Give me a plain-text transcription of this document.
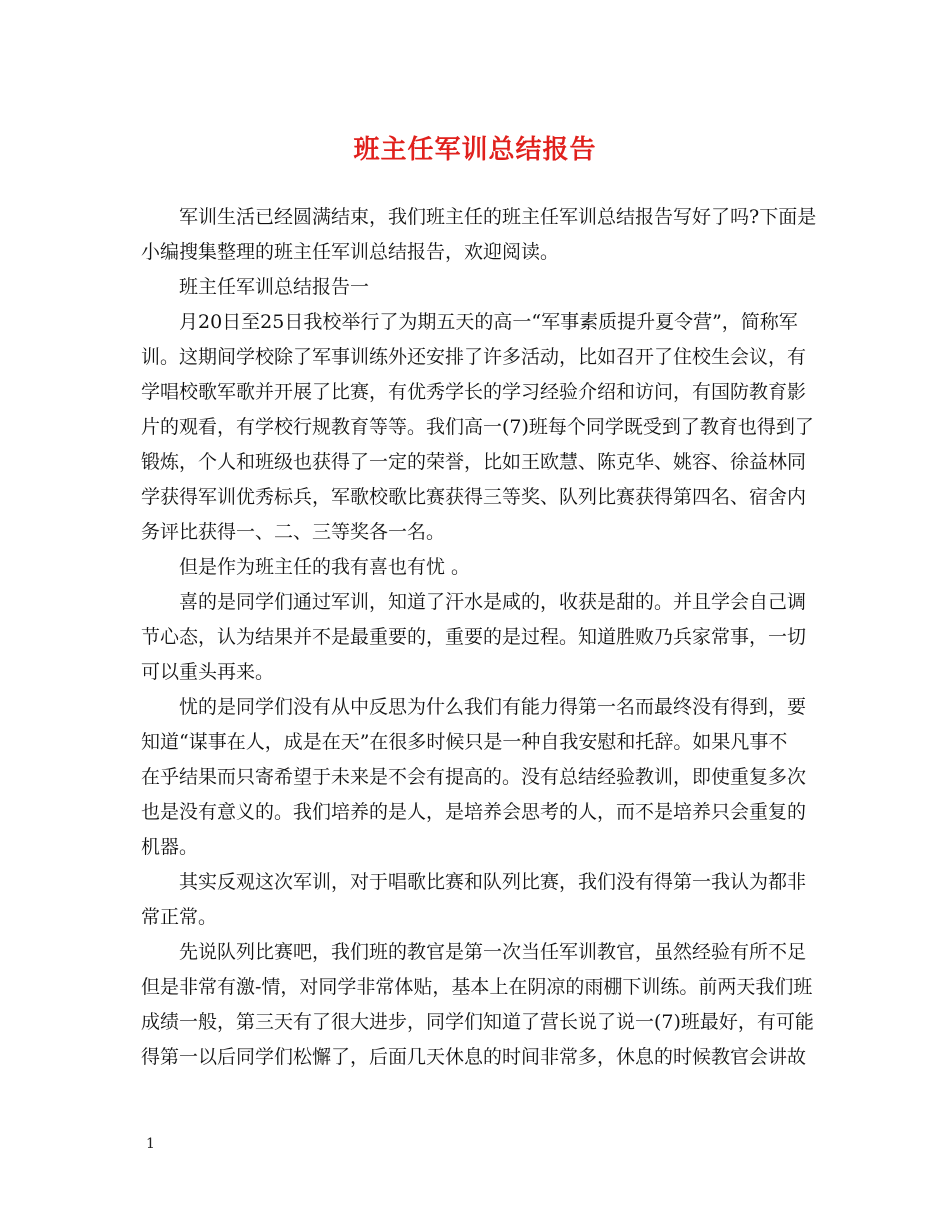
班主任军训总结报告
军训生活已经圆满结束，我们班主任的班主任军训总结报告写好了吗?下面是
小编搜集整理的班主任军训总结报告，欢迎阅读。
班主任军训总结报告一
月20日至25日我校举行了为期五天的高一“军事素质提升夏令营”，简称军
训。这期间学校除了军事训练外还安排了许多活动，比如召开了住校生会议，有
学唱校歌军歌并开展了比赛，有优秀学长的学习经验介绍和访问，有国防教育影
片的观看，有学校行规教育等等。我们高一(7)班每个同学既受到了教育也得到了
锻炼，个人和班级也获得了一定的荣誉，比如王欧慧、陈克华、姚容、徐益林同
学获得军训优秀标兵，军歌校歌比赛获得三等奖、队列比赛获得第四名、宿舍内
务评比获得一、二、三等奖各一名。
但是作为班主任的我有喜也有忧 。
喜的是同学们通过军训，知道了汗水是咸的，收获是甜的。并且学会自己调
节心态，认为结果并不是最重要的，重要的是过程。知道胜败乃兵家常事，一切
可以重头再来。
忧的是同学们没有从中反思为什么我们有能力得第一名而最终没有得到，要
知道“谋事在人，成是在天”在很多时候只是一种自我安慰和托辞。如果凡事不
在乎结果而只寄希望于未来是不会有提高的。没有总结经验教训，即使重复多次
也是没有意义的。我们培养的是人，是培养会思考的人，而不是培养只会重复的
机器。
其实反观这次军训，对于唱歌比赛和队列比赛，我们没有得第一我认为都非
常正常。
先说队列比赛吧，我们班的教官是第一次当任军训教官，虽然经验有所不足
但是非常有激-情，对同学非常体贴，基本上在阴凉的雨棚下训练。前两天我们班
成绩一般，第三天有了很大进步，同学们知道了营长说了说一(7)班最好，有可能
得第一以后同学们松懈了，后面几天休息的时间非常多，休息的时候教官会讲故
1
